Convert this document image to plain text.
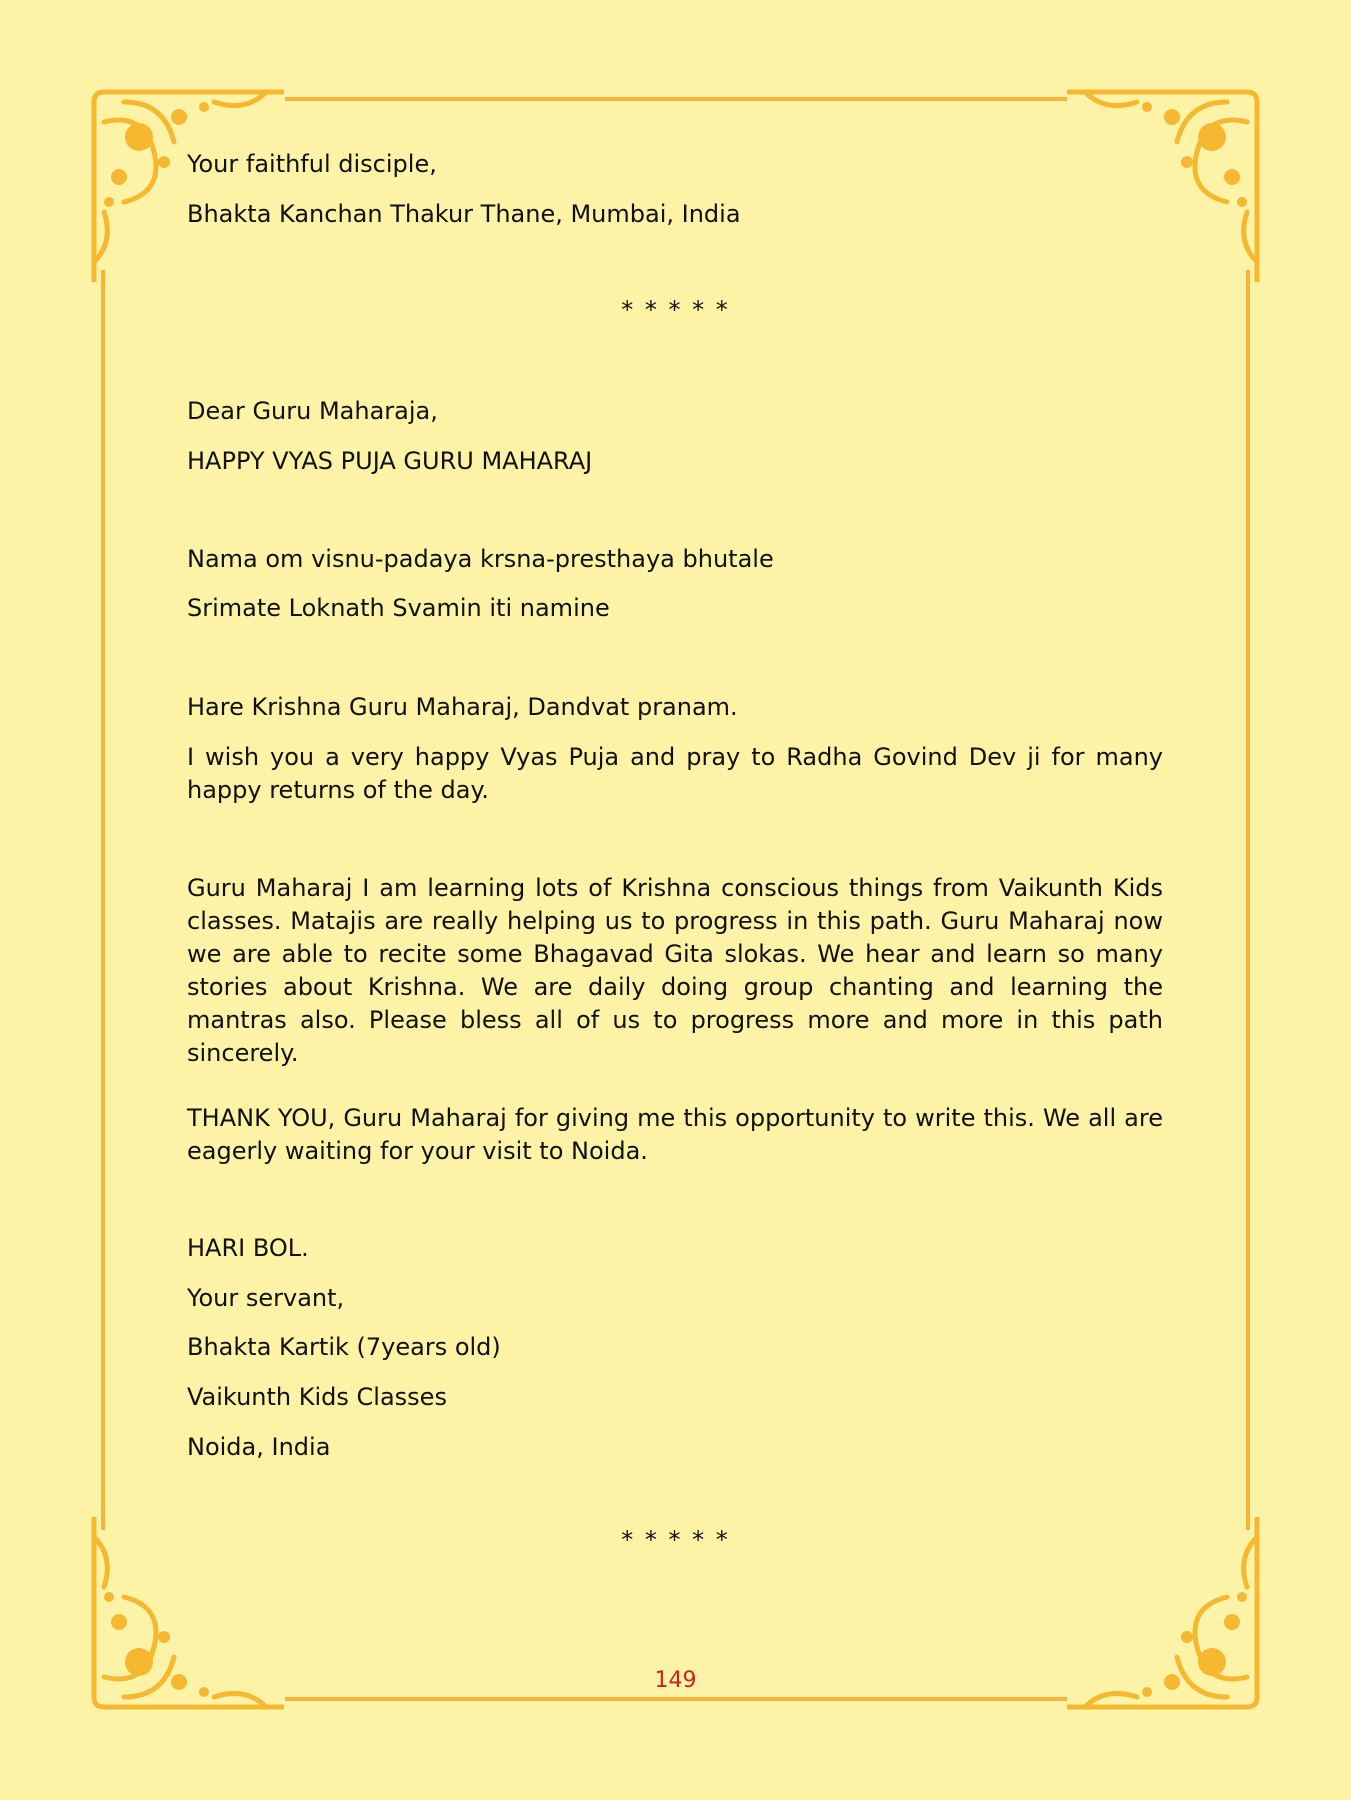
Your faithful disciple,
Bhakta Kanchan Thakur Thane, Mumbai, India
* * * * *
Dear Guru Maharaja,
HAPPY VYAS PUJA GURU MAHARAJ
Nama om visnu-padaya krsna-presthaya bhutale
Srimate Loknath Svamin iti namine
Hare Krishna Guru Maharaj, Dandvat pranam.
I wish you a very happy Vyas Puja and pray to Radha Govind Dev ji for many happy returns of the day.
Guru Maharaj I am learning lots of Krishna conscious things from Vaikunth Kids classes. Matajis are really helping us to progress in this path. Guru Maharaj now we are able to recite some Bhagavad Gita slokas. We hear and learn so many stories about Krishna. We are daily doing group chanting and learning the mantras also. Please bless all of us to progress more and more in this path sincerely.
THANK YOU, Guru Maharaj for giving me this opportunity to write this. We all are eagerly waiting for your visit to Noida.
HARI BOL.
Your servant,
Bhakta Kartik (7years old)
Vaikunth Kids Classes
Noida, India
* * * * *
149
